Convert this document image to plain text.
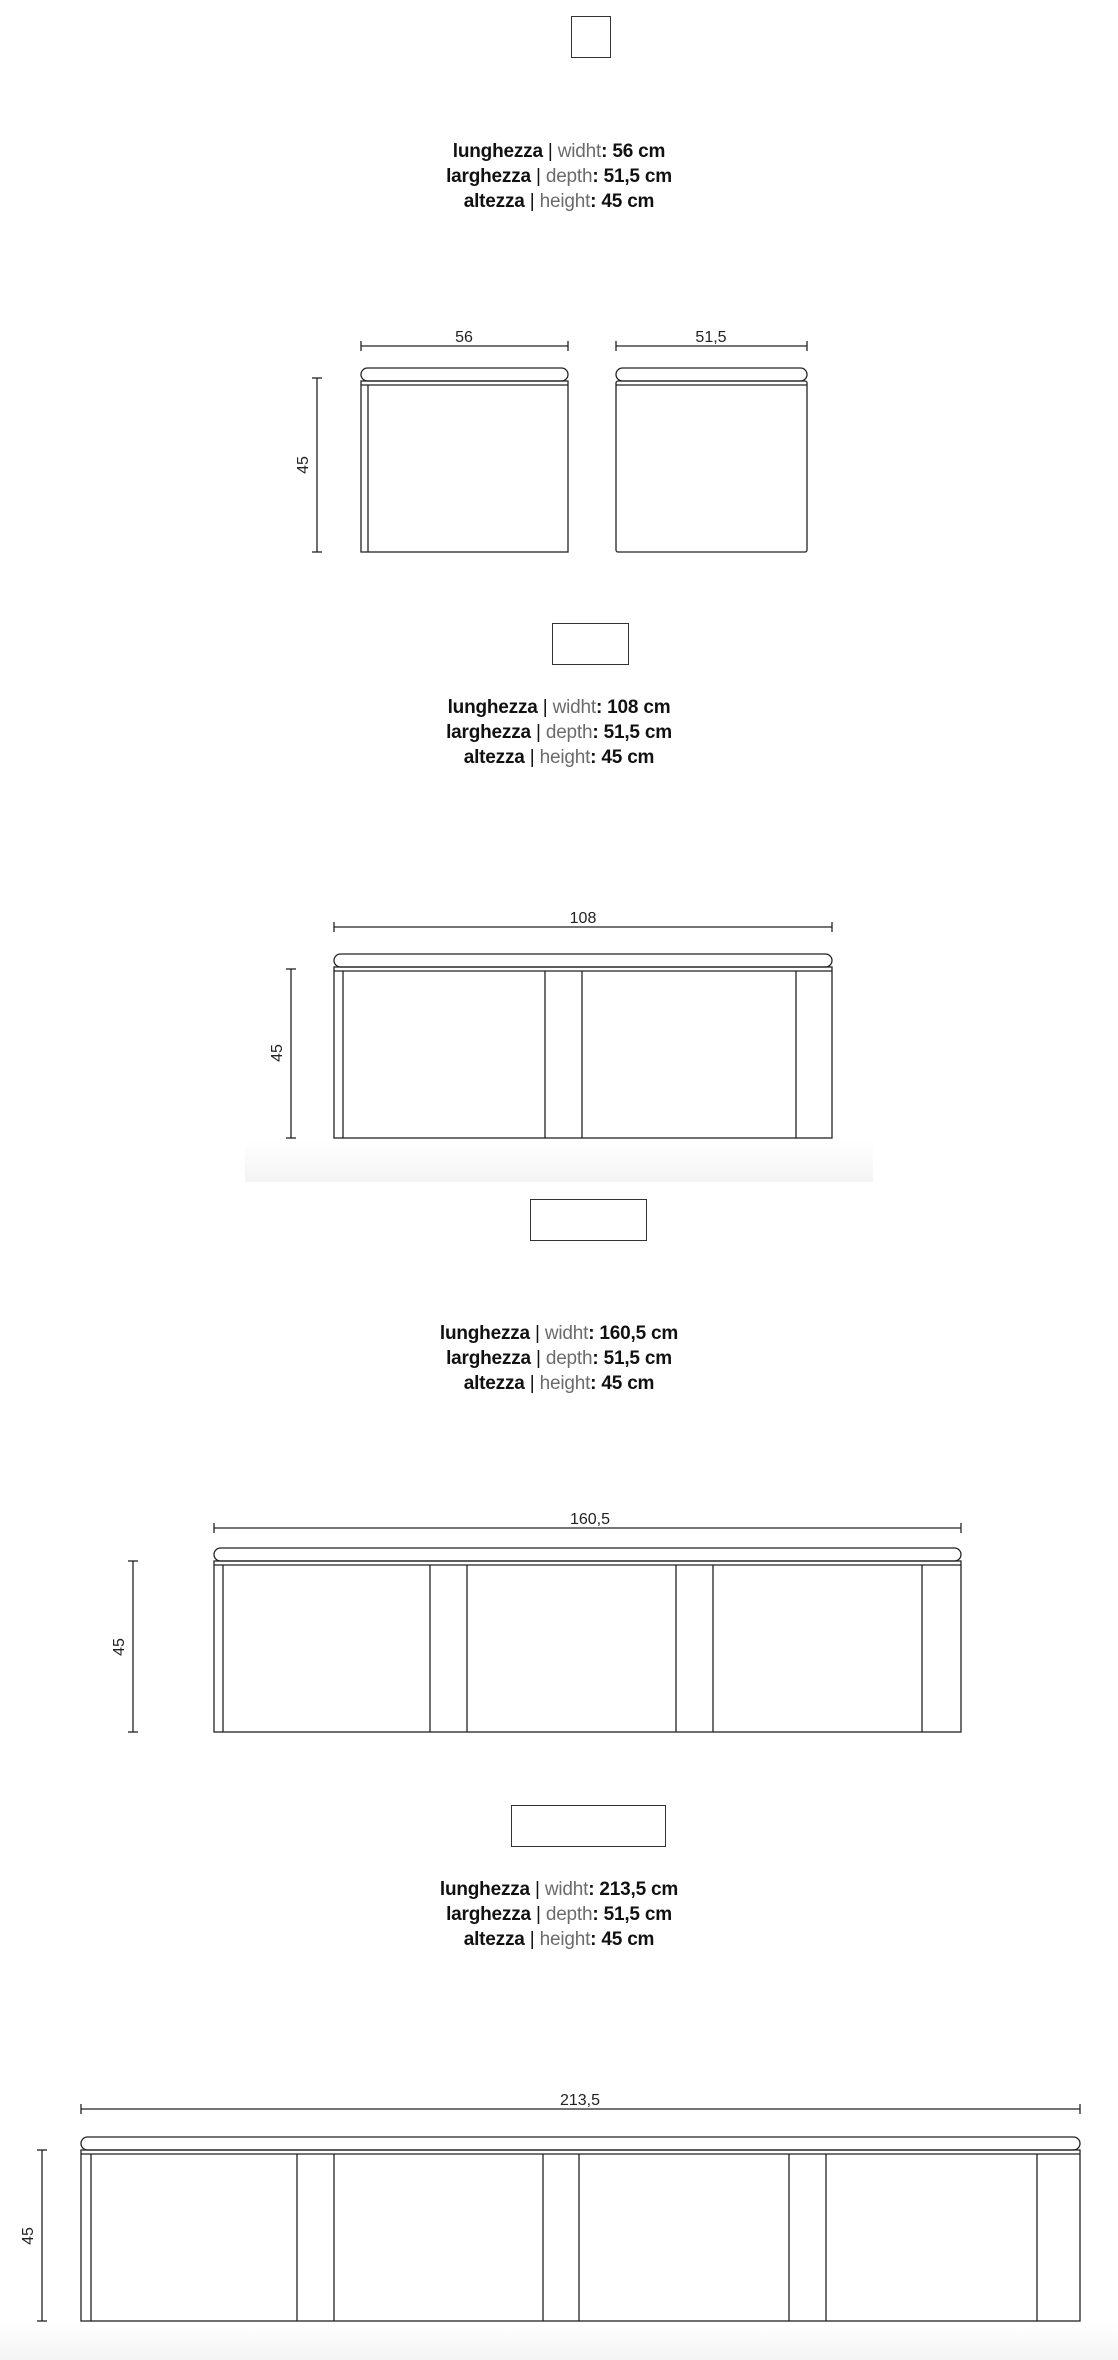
lunghezza | widht: 56 cm
larghezza | depth: 51,5 cm
altezza | height: 45 cm
56	51,5
45
lunghezza | widht: 108 cm
larghezza | depth: 51,5 cm
altezza | height: 45 cm
108
45
lunghezza | widht: 160,5 cm
larghezza | depth: 51,5 cm
altezza | height: 45 cm
160,5
45
lunghezza | widht: 213,5 cm
larghezza | depth: 51,5 cm
altezza | height: 45 cm
213,5
45
